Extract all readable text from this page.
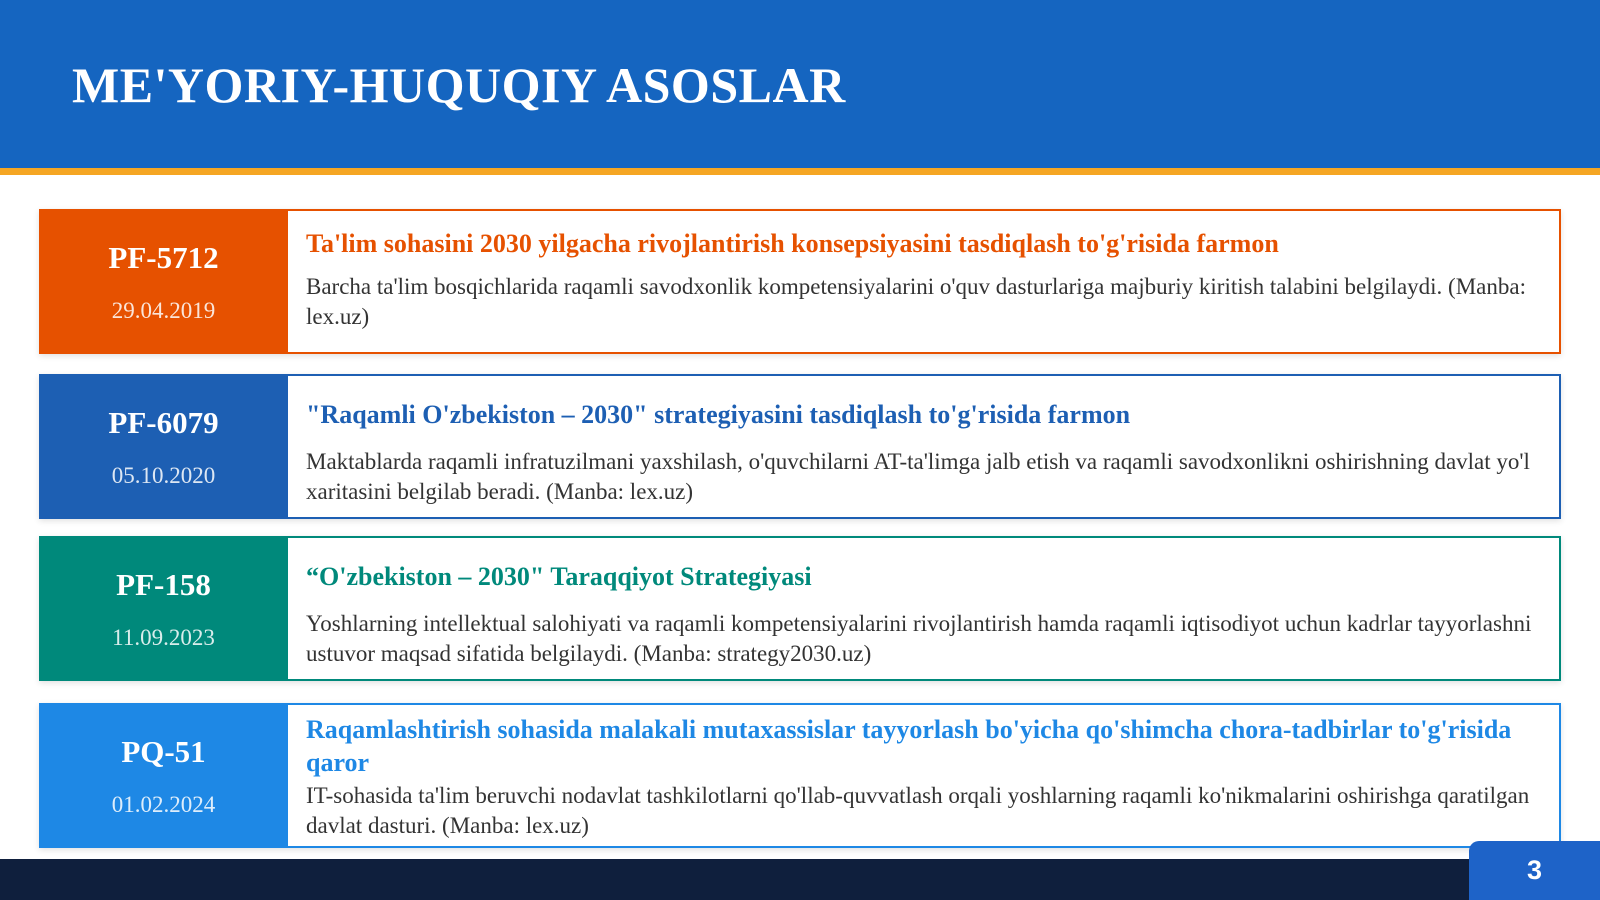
ME'YORIY-HUQUQIY ASOSLAR
PF-5712
29.04.2019

Ta'lim sohasini 2030 yilgacha rivojlantirish konsepsiyasini tasdiqlash to'g'risida farmon

Barcha ta'lim bosqichlarida raqamli savodxonlik kompetensiyalarini o'quv dasturlariga majburiy kiritish talabini belgilaydi. (Manba: lex.uz)

PF-6079
05.10.2020

"Raqamli O'zbekiston – 2030" strategiyasini tasdiqlash to'g'risida farmon

Maktablarda raqamli infratuzilmani yaxshilash, o'quvchilarni AT-ta'limga jalb etish va raqamli savodxonlikni oshirishning davlat yo'l xaritasini belgilab beradi. (Manba: lex.uz)

PF-158
11.09.2023

“O'zbekiston – 2030" Taraqqiyot Strategiyasi

Yoshlarning intellektual salohiyati va raqamli kompetensiyalarini rivojlantirish hamda raqamli iqtisodiyot uchun kadrlar tayyorlashni ustuvor maqsad sifatida belgilaydi. (Manba: strategy2030.uz)

PQ-51
01.02.2024

Raqamlashtirish sohasida malakali mutaxassislar tayyorlash bo'yicha qo'shimcha chora-tadbirlar to'g'risida qaror

IT-sohasida ta'lim beruvchi nodavlat tashkilotlarni qo'llab-quvvatlash orqali yoshlarning raqamli ko'nikmalarini oshirishga qaratilgan davlat dasturi. (Manba: lex.uz)

3
